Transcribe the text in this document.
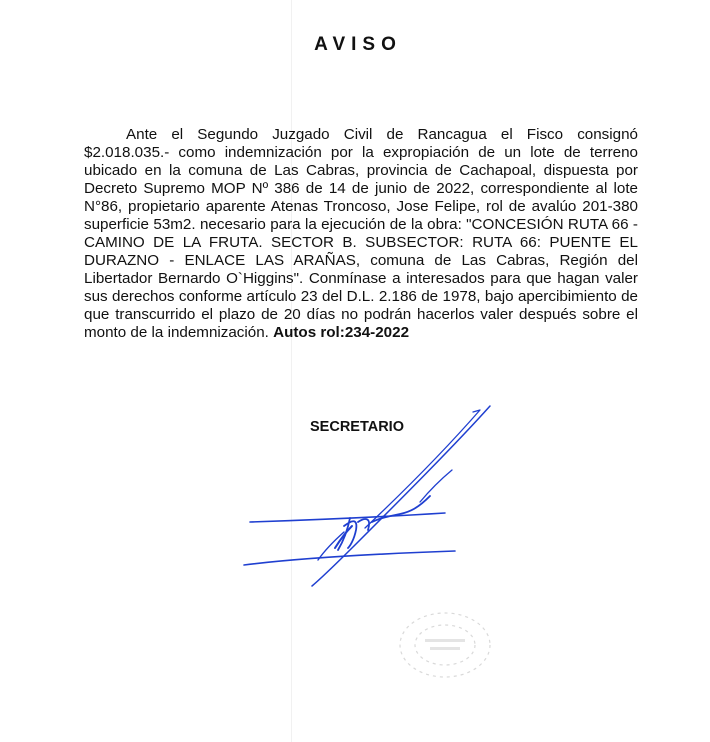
AVISO

Ante el Segundo Juzgado Civil de Rancagua el Fisco consignó $2.018.035.- como indemnización por la expropiación de un lote de terreno ubicado en la comuna de Las Cabras, provincia de Cachapoal, dispuesta por Decreto Supremo MOP Nº 386 de 14 de junio de 2022, correspondiente al lote N°86, propietario aparente Atenas Troncoso, Jose Felipe, rol de avalúo 201-380 superficie 53m2. necesario para la ejecución de la obra: "CONCESIÓN RUTA 66 - CAMINO DE LA FRUTA. SECTOR B. SUBSECTOR: RUTA 66: PUENTE EL DURAZNO - ENLACE LAS ARAÑAS, comuna de Las Cabras, Región del Libertador Bernardo O`Higgins". Conmínase a interesados para que hagan valer sus derechos conforme artículo 23 del D.L. 2.186 de 1978, bajo apercibimiento de que transcurrido el plazo de 20 días no podrán hacerlos valer después sobre el monto de la indemnización. Autos rol:234-2022

SECRETARIO
